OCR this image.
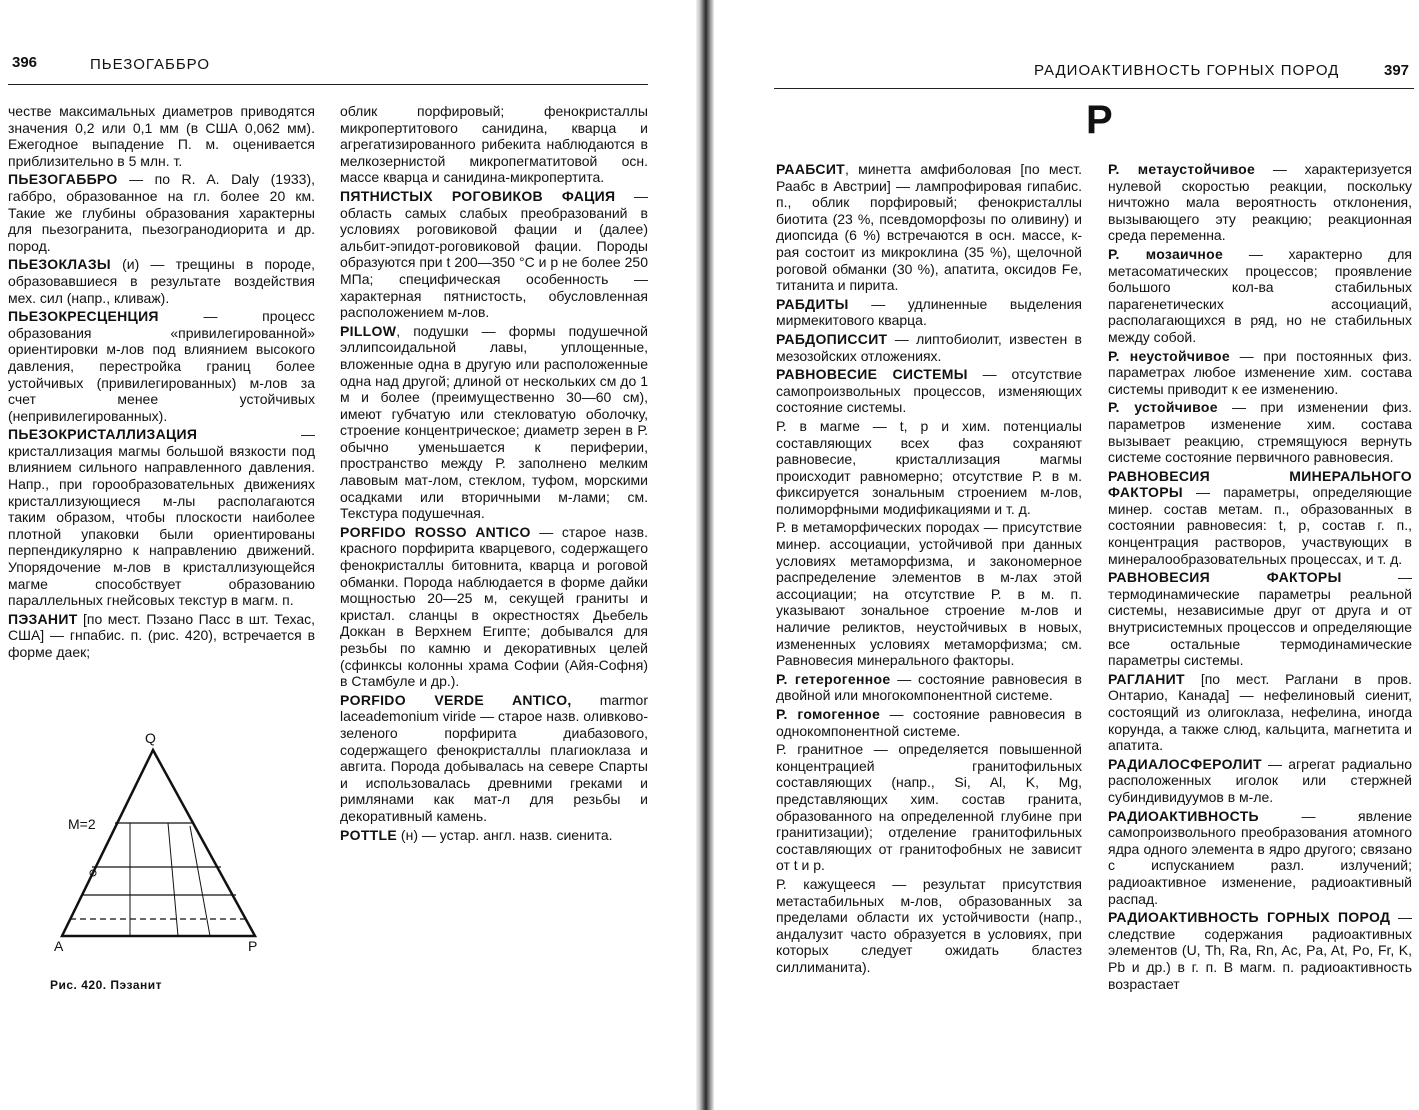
396	ПЬЕЗОГАББРО

честве максимальных диаметров приводятся значения 0,2 или 0,1 мм (в США 0,062 мм). Ежегодное выпадение П. м. оценивается приблизительно в 5 млн. т.

ПЬЕЗОГАББРО — по R. A. Daly (1933), габбро, образованное на гл. более 20 км. Такие же глубины образования характерны для пьезогранита, пьезогранодиорита и др. пород.

ПЬЕЗОКЛАЗЫ (и) — трещины в породе, образовавшиеся в результате воздействия мех. сил (напр., кливаж).

ПЬЕЗОКРЕСЦЕНЦИЯ — процесс образования «привилегированной» ориентировки м-лов под влиянием высокого давления, перестройка границ более устойчивых (привилегированных) м-лов за счет менее устойчивых (непривилегированных).

ПЬЕЗОКРИСТАЛЛИЗАЦИЯ — кристаллизация магмы большой вязкости под влиянием сильного направленного давления. Напр., при горообразовательных движениях кристаллизующиеся м-лы располагаются таким образом, чтобы плоскости наиболее плотной упаковки были ориентированы перпендикулярно к направлению движений. Упорядочение м-лов в кристаллизующейся магме способствует образованию параллельных гнейсовых текстур в магм. п.

ПЭЗАНИТ [по мест. Пэзано Пасс в шт. Техас, США] — гнпабис. п. (рис. 420), встречается в форме даек;

облик порфировый; фенокристаллы микропертитового санидина, кварца и агрегатизированного рибекита наблюдаются в мелкозернистой микропегматитовой осн. массе кварца и санидина-микропертита.

ПЯТНИСТЫХ РОГОВИКОВ ФАЦИЯ — область самых слабых преобразований в условиях роговиковой фации и (далее) альбит-эпидот-роговиковой фации. Породы образуются при t 200—350 °С и p не более 250 МПа; специфическая особенность — характерная пятнистость, обусловленная расположением м-лов.

PILLOW, подушки — формы подушечной эллипсоидальной лавы, уплощенные, вложенные одна в другую или расположенные одна над другой; длиной от нескольких см до 1 м и более (преимущественно 30—60 см), имеют губчатую или стекловатую оболочку, строение концентрическое; диаметр зерен в Р. обычно уменьшается к периферии, пространство между Р. заполнено мелким лавовым мат-лом, стеклом, туфом, морскими осадками или вторичными м-лами; см. Текстура подушечная.

PORFIDO ROSSO ANTICO — старое назв. красного порфирита кварцевого, содержащего фенокристаллы битовнита, кварца и роговой обманки. Порода наблюдается в форме дайки мощностью 20—25 м, секущей граниты и кристал. сланцы в окрестностях Дьебель Доккан в Верхнем Египте; добывался для резьбы по камню и декоративных целей (сфинксы колонны храма Софии (Айя-Софня) в Стамбуле и др.).

PORFIDO VERDE ANTICO, marmor laceademonium viride — старое назв. оливково-зеленого порфирита диабазового, содержащего фенокристаллы плагиоклаза и авгита. Порода добывалась на севере Спарты и использовалась древними греками и римлянами как мат-л для резьбы и декоративный камень.

POTTLE (н) — устар. англ. назв. сиенита.

Q
A	P
M=2
Рис. 420. Пэзанит
РАДИОАКТИВНОСТЬ ГОРНЫХ ПОРОД	397
Р

РААБСИТ, минетта амфиболовая [по мест. Раабс в Австрии] — лампрофировая гипабис. п., облик порфировый; фенокристаллы биотита (23 %, псевдоморфозы по оливину) и диопсида (6 %) встречаются в осн. массе, к-рая состоит из микроклина (35 %), щелочной роговой обманки (30 %), апатита, оксидов Fe, титанита и пирита.

РАБДИТЫ — удлиненные выделения мирмекитового кварца.

РАБДОПИССИТ — липтобиолит, известен в мезозойских отложениях.

РАВНОВЕСИЕ СИСТЕМЫ — отсутствие самопроизвольных процессов, изменяющих состояние системы.

Р. в магме — t, p и хим. потенциалы составляющих всех фаз сохраняют равновесие, кристаллизация магмы происходит равномерно; отсутствие Р. в м. фиксируется зональным строением м-лов, полиморфными модификациями и т. д.

Р. в метаморфических породах — присутствие минер. ассоциации, устойчивой при данных условиях метаморфизма, и закономерное распределение элементов в м-лах этой ассоциации; на отсутствие Р. в м. п. указывают зональное строение м-лов и наличие реликтов, неустойчивых в новых, измененных условиях метаморфизма; см. Равновесия минерального факторы.

Р. гетерогенное — состояние равновесия в двойной или многокомпонентной системе.

Р. гомогенное — состояние равновесия в однокомпонентной системе.

Р. гранитное — определяется повышенной концентрацией гранитофильных составляющих (напр., Si, Al, K, Mg, представляющих хим. состав гранита, образованного на определенной глубине при гранитизации); отделение гранитофильных составляющих от гранитофобных не зависит от t и p.

Р. кажущееся — результат присутствия метастабильных м-лов, образованных за пределами области их устойчивости (напр., андалузит часто образуется в условиях, при которых следует ожидать бластез силлиманита).

Р. метаустойчивое — характеризуется нулевой скоростью реакции, поскольку ничтожно мала вероятность отклонения, вызывающего эту реакцию; реакционная среда переменна.

Р. мозаичное — характерно для метасоматических процессов; проявление большого кол-ва стабильных парагенетических ассоциаций, располагающихся в ряд, но не стабильных между собой.

Р. неустойчивое — при постоянных физ. параметрах любое изменение хим. состава системы приводит к ее изменению.

Р. устойчивое — при изменении физ. параметров изменение хим. состава вызывает реакцию, стремящуюся вернуть системе состояние первичного равновесия.

РАВНОВЕСИЯ МИНЕРАЛЬНОГО ФАКТОРЫ — параметры, определяющие минер. состав метам. п., образованных в состоянии равновесия: t, p, состав г. п., концентрация растворов, участвующих в минералообразовательных процессах, и т. д.

РАВНОВЕСИЯ ФАКТОРЫ — термодинамические параметры реальной системы, независимые друг от друга и от внутрисистемных процессов и определяющие все остальные термодинамические параметры системы.

РАГЛАНИТ [по мест. Раглани в пров. Онтарио, Канада] — нефелиновый сиенит, состоящий из олигоклаза, нефелина, иногда корунда, а также слюд, кальцита, магнетита и апатита.

РАДИАЛОСФЕРОЛИТ — агрегат радиально расположенных иголок или стержней субиндивидуумов в м-ле.

РАДИОАКТИВНОСТЬ — явление самопроизвольного преобразования атомного ядра одного элемента в ядро другого; связано с испусканием разл. излучений; радиоактивное изменение, радиоактивный распад.

РАДИОАКТИВНОСТЬ ГОРНЫХ ПОРОД — следствие содержания радиоактивных элементов (U, Th, Ra, Rn, Ac, Pa, At, Po, Fr, K, Pb и др.) в г. п. В магм. п. радиоактивность возрастает
